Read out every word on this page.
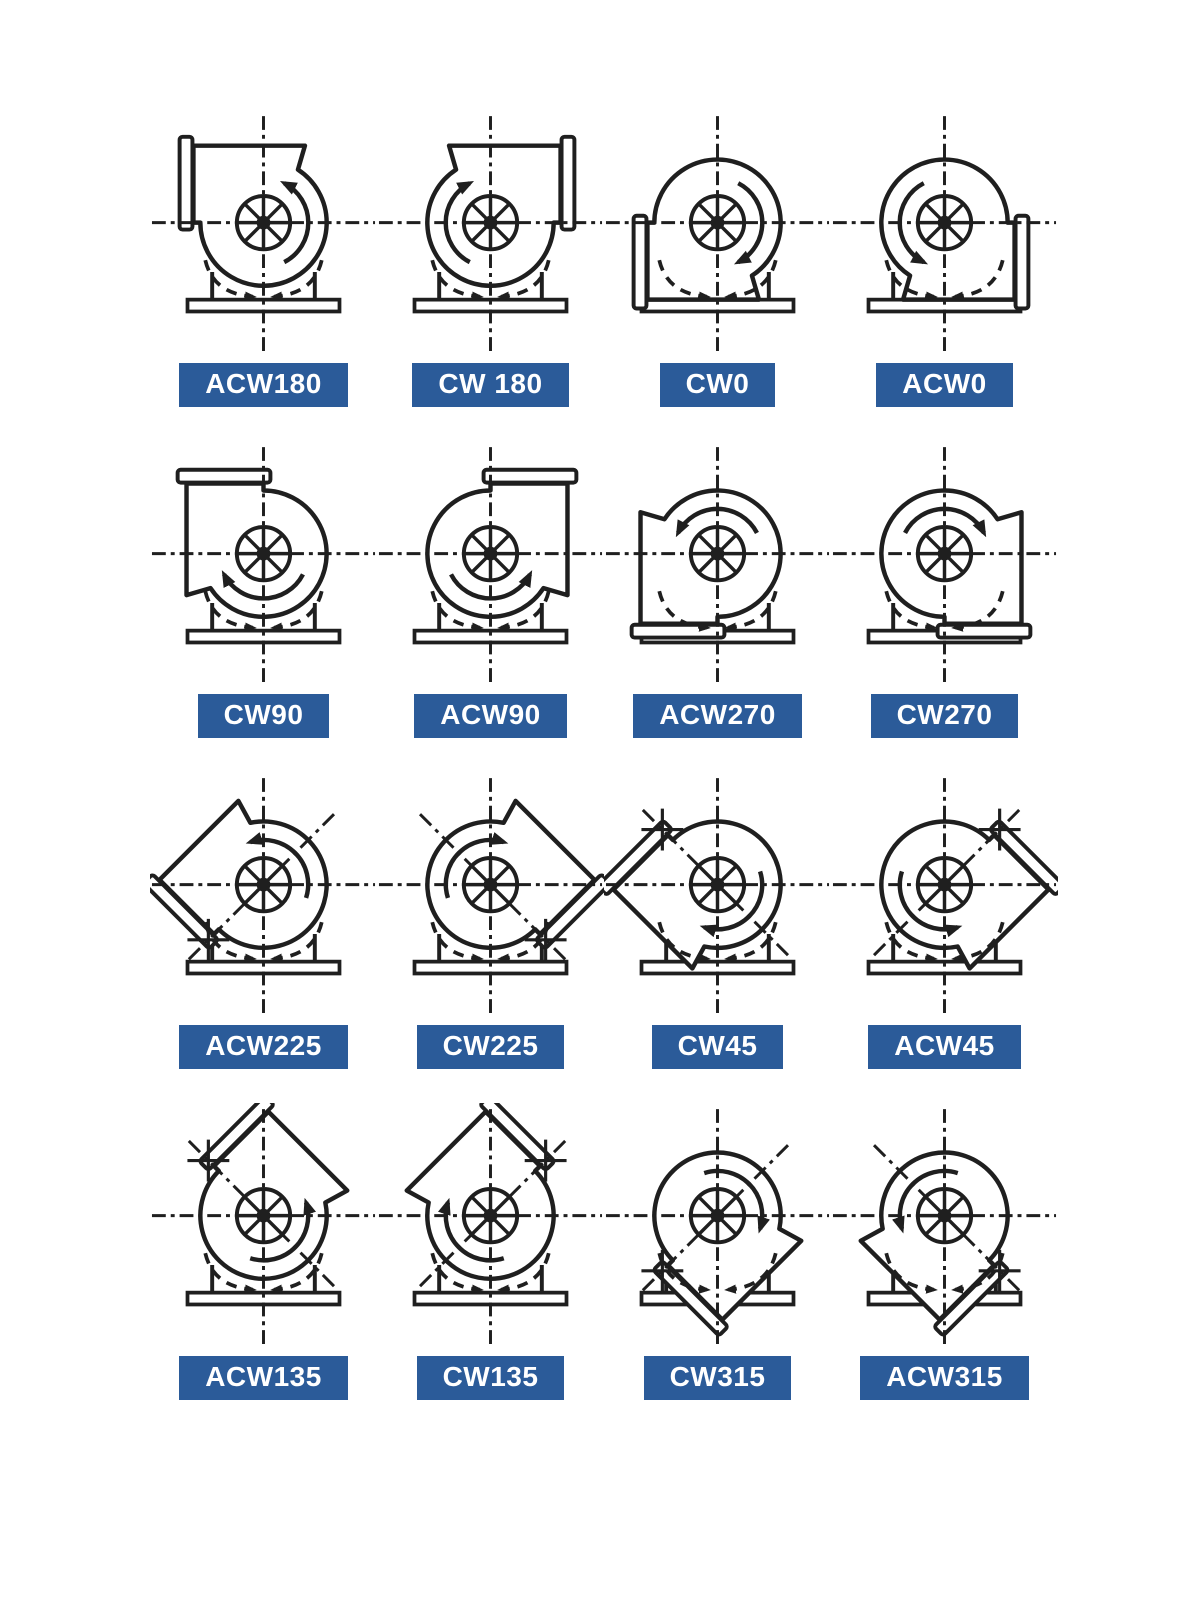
ACW180	CW 180	CW0	ACW0
CW90	ACW90	ACW270	CW270
ACW225	CW225	CW45	ACW45
ACW135	CW135	CW315	ACW315
